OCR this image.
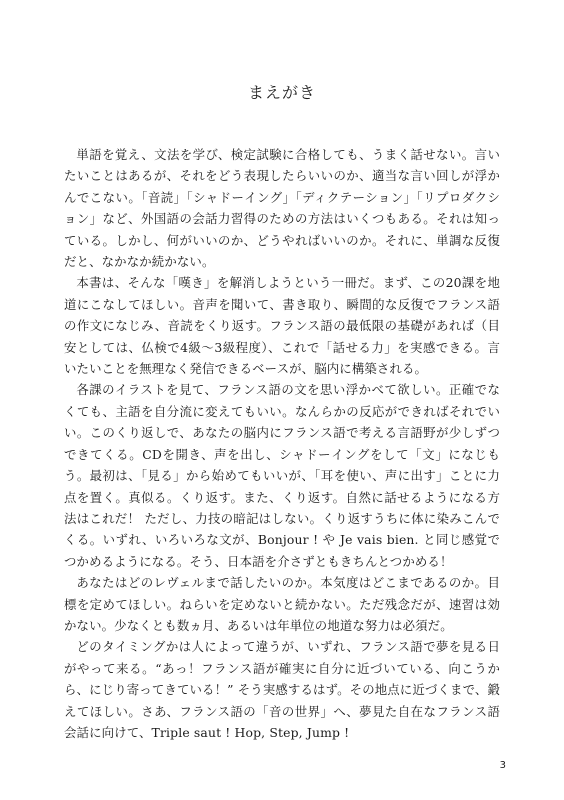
まえがき

単語を覚え、文法を学び、検定試験に合格しても、うまく話せない。言いたいことはあるが、それをどう表現したらいいのか、適当な言い回しが浮かんでこない。「音読」「シャドーイング」「ディクテーション」「リプロダクション」など、外国語の会話力習得のための方法はいくつもある。それは知っている。しかし、何がいいのか、どうやればいいのか。それに、単調な反復だと、なかなか続かない。

本書は、そんな「嘆き」を解消しようという一冊だ。まず、この20課を地道にこなしてほしい。音声を聞いて、書き取り、瞬間的な反復でフランス語の作文になじみ、音読をくり返す。フランス語の最低限の基礎があれば（目安としては、仏検で4級～3級程度）、これで「話せる力」を実感できる。言いたいことを無理なく発信できるベースが、脳内に構築される。

各課のイラストを見て、フランス語の文を思い浮かべて欲しい。正確でなくても、主語を自分流に変えてもいい。なんらかの反応ができればそれでいい。このくり返しで、あなたの脳内にフランス語で考える言語野が少しずつできてくる。CDを開き、声を出し、シャドーイングをして「文」になじもう。最初は、「見る」から始めてもいいが、「耳を使い、声に出す」ことに力点を置く。真似る。くり返す。また、くり返す。自然に話せるようになる方法はこれだ！ ただし、力技の暗記はしない。くり返すうちに体に染みこんでくる。いずれ、いろいろな文が、Bonjour ! や Je vais bien. と同じ感覚でつかめるようになる。そう、日本語を介さずともきちんとつかめる！

あなたはどのレヴェルまで話したいのか。本気度はどこまであるのか。目標を定めてほしい。ねらいを定めないと続かない。ただ残念だが、速習は効かない。少なくとも数ヵ月、あるいは年単位の地道な努力は必須だ。

どのタイミングかは人によって違うが、いずれ、フランス語で夢を見る日がやって来る。“あっ！フランス語が確実に自分に近づいている、向こうから、にじり寄ってきている！” そう実感するはず。その地点に近づくまで、鍛えてほしい。さあ、フランス語の「音の世界」へ、夢見た自在なフランス語会話に向けて、Triple saut ! Hop, Step, Jump !

3
